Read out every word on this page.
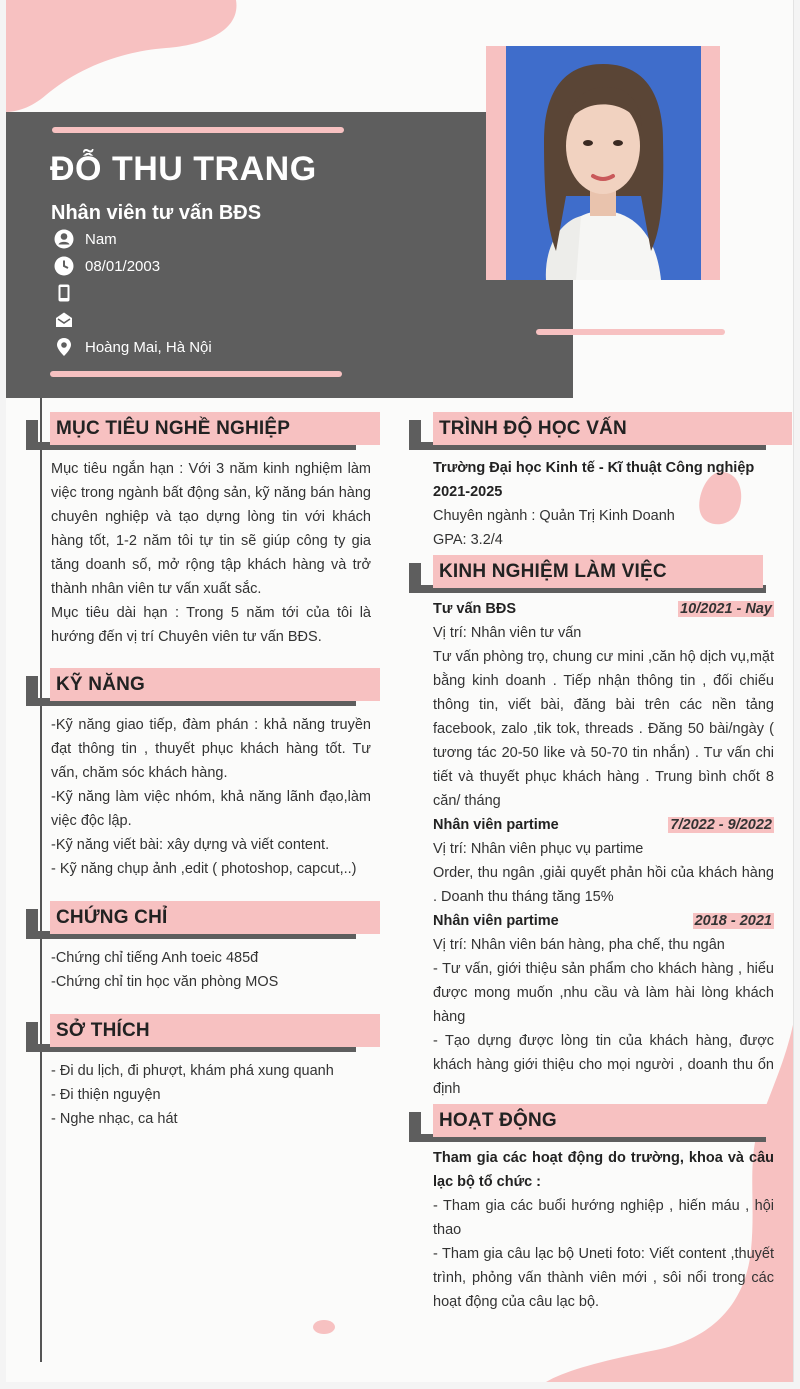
ĐỖ THU TRANG
Nhân viên tư vấn BĐS
Nam
08/01/2003
Hoàng Mai, Hà Nội
MỤC TIÊU NGHỀ NGHIỆP
Mục tiêu ngắn hạn : Với 3 năm kinh nghiệm làm việc trong ngành bất động sản, kỹ năng bán hàng chuyên nghiệp và tạo dựng lòng tin với khách hàng tốt, 1-2 năm tôi tự tin sẽ giúp công ty gia tăng doanh số, mở rộng tập khách hàng và trở thành nhân viên tư vấn xuất sắc.
Mục tiêu dài hạn : Trong 5 năm tới của tôi là hướng đến vị trí Chuyên viên tư vấn BĐS.
KỸ NĂNG
-Kỹ năng giao tiếp, đàm phán : khả năng truyền đạt thông tin , thuyết phục khách hàng tốt. Tư vấn, chăm sóc khách hàng.
-Kỹ năng làm việc nhóm, khả năng lãnh đạo,làm việc độc lập.
-Kỹ năng viết bài: xây dựng và viết content.
- Kỹ năng chụp ảnh ,edit ( photoshop, capcut,..)
CHỨNG CHỈ
-Chứng chỉ tiếng Anh toeic 485đ
-Chứng chỉ tin học văn phòng MOS
SỞ THÍCH
- Đi du lịch, đi phượt, khám phá xung quanh
- Đi thiện nguyện
- Nghe nhạc, ca hát
TRÌNH ĐỘ HỌC VẤN
Trường Đại học Kinh tế - Kĩ thuật Công nghiệp
2021-2025
Chuyên ngành : Quản Trị Kinh Doanh
GPA: 3.2/4
KINH NGHIỆM LÀM VIỆC
Tư vấn BĐS	10/2021 - Nay
Vị trí: Nhân viên tư vấn
Tư vấn phòng trọ, chung cư mini ,căn hộ dịch vụ,mặt bằng kinh doanh . Tiếp nhận thông tin , đối chiếu thông tin, viết bài, đăng bài trên các nền tảng facebook, zalo ,tik tok, threads . Đăng 50 bài/ngày ( tương tác 20-50 like và 50-70 tin nhắn) . Tư vấn chi tiết và thuyết phục khách hàng . Trung bình chốt 8 căn/ tháng
Nhân viên partime	7/2022 - 9/2022
Vị trí: Nhân viên phục vụ partime
Order, thu ngân ,giải quyết phản hồi của khách hàng . Doanh thu tháng tăng 15%
Nhân viên partime	2018 - 2021
Vị trí: Nhân viên bán hàng, pha chế, thu ngân
- Tư vấn, giới thiệu sản phẩm cho khách hàng , hiểu được mong muốn ,nhu cầu và làm hài lòng khách hàng
- Tạo dựng được lòng tin của khách hàng, được khách hàng giới thiệu cho mọi người , doanh thu ổn định
HOẠT ĐỘNG
Tham gia các hoạt động do trường, khoa và câu lạc bộ tổ chức :
- Tham gia các buổi hướng nghiệp , hiến máu , hội thao
- Tham gia câu lạc bộ Uneti foto: Viết content ,thuyết trình, phỏng vấn thành viên mới , sôi nổi trong các hoạt động của câu lạc bộ.
